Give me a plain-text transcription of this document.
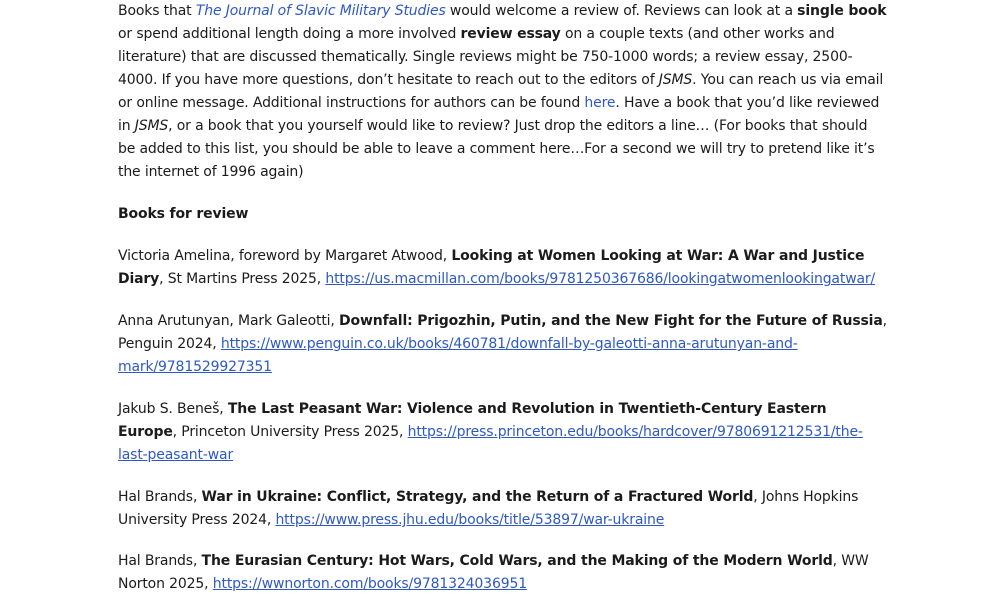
Books that The Journal of Slavic Military Studies would welcome a review of. Reviews can look at a single book or spend additional length doing a more involved review essay on a couple texts (and other works and literature) that are discussed thematically. Single reviews might be 750-1000 words; a review essay, 2500-4000. If you have more questions, don’t hesitate to reach out to the editors of JSMS. You can reach us via email or online message. Additional instructions for authors can be found here. Have a book that you’d like reviewed in JSMS, or a book that you yourself would like to review? Just drop the editors a line… (For books that should be added to this list, you should be able to leave a comment here…For a second we will try to pretend like it’s the internet of 1996 again)

Books for review

Victoria Amelina, foreword by Margaret Atwood, Looking at Women Looking at War: A War and Justice Diary, St Martins Press 2025, https://us.macmillan.com/books/9781250367686/lookingatwomenlookingatwar/

Anna Arutunyan, Mark Galeotti, Downfall: Prigozhin, Putin, and the New Fight for the Future of Russia, Penguin 2024, https://www.penguin.co.uk/books/460781/downfall-by-galeotti-anna-arutunyan-and-mark/9781529927351

Jakub S. Beneš, The Last Peasant War: Violence and Revolution in Twentieth-Century Eastern Europe, Princeton University Press 2025, https://press.princeton.edu/books/hardcover/9780691212531/the-last-peasant-war

Hal Brands, War in Ukraine: Conflict, Strategy, and the Return of a Fractured World, Johns Hopkins University Press 2024, https://www.press.jhu.edu/books/title/53897/war-ukraine

Hal Brands, The Eurasian Century: Hot Wars, Cold Wars, and the Making of the Modern World, WW Norton 2025, https://wwnorton.com/books/9781324036951
